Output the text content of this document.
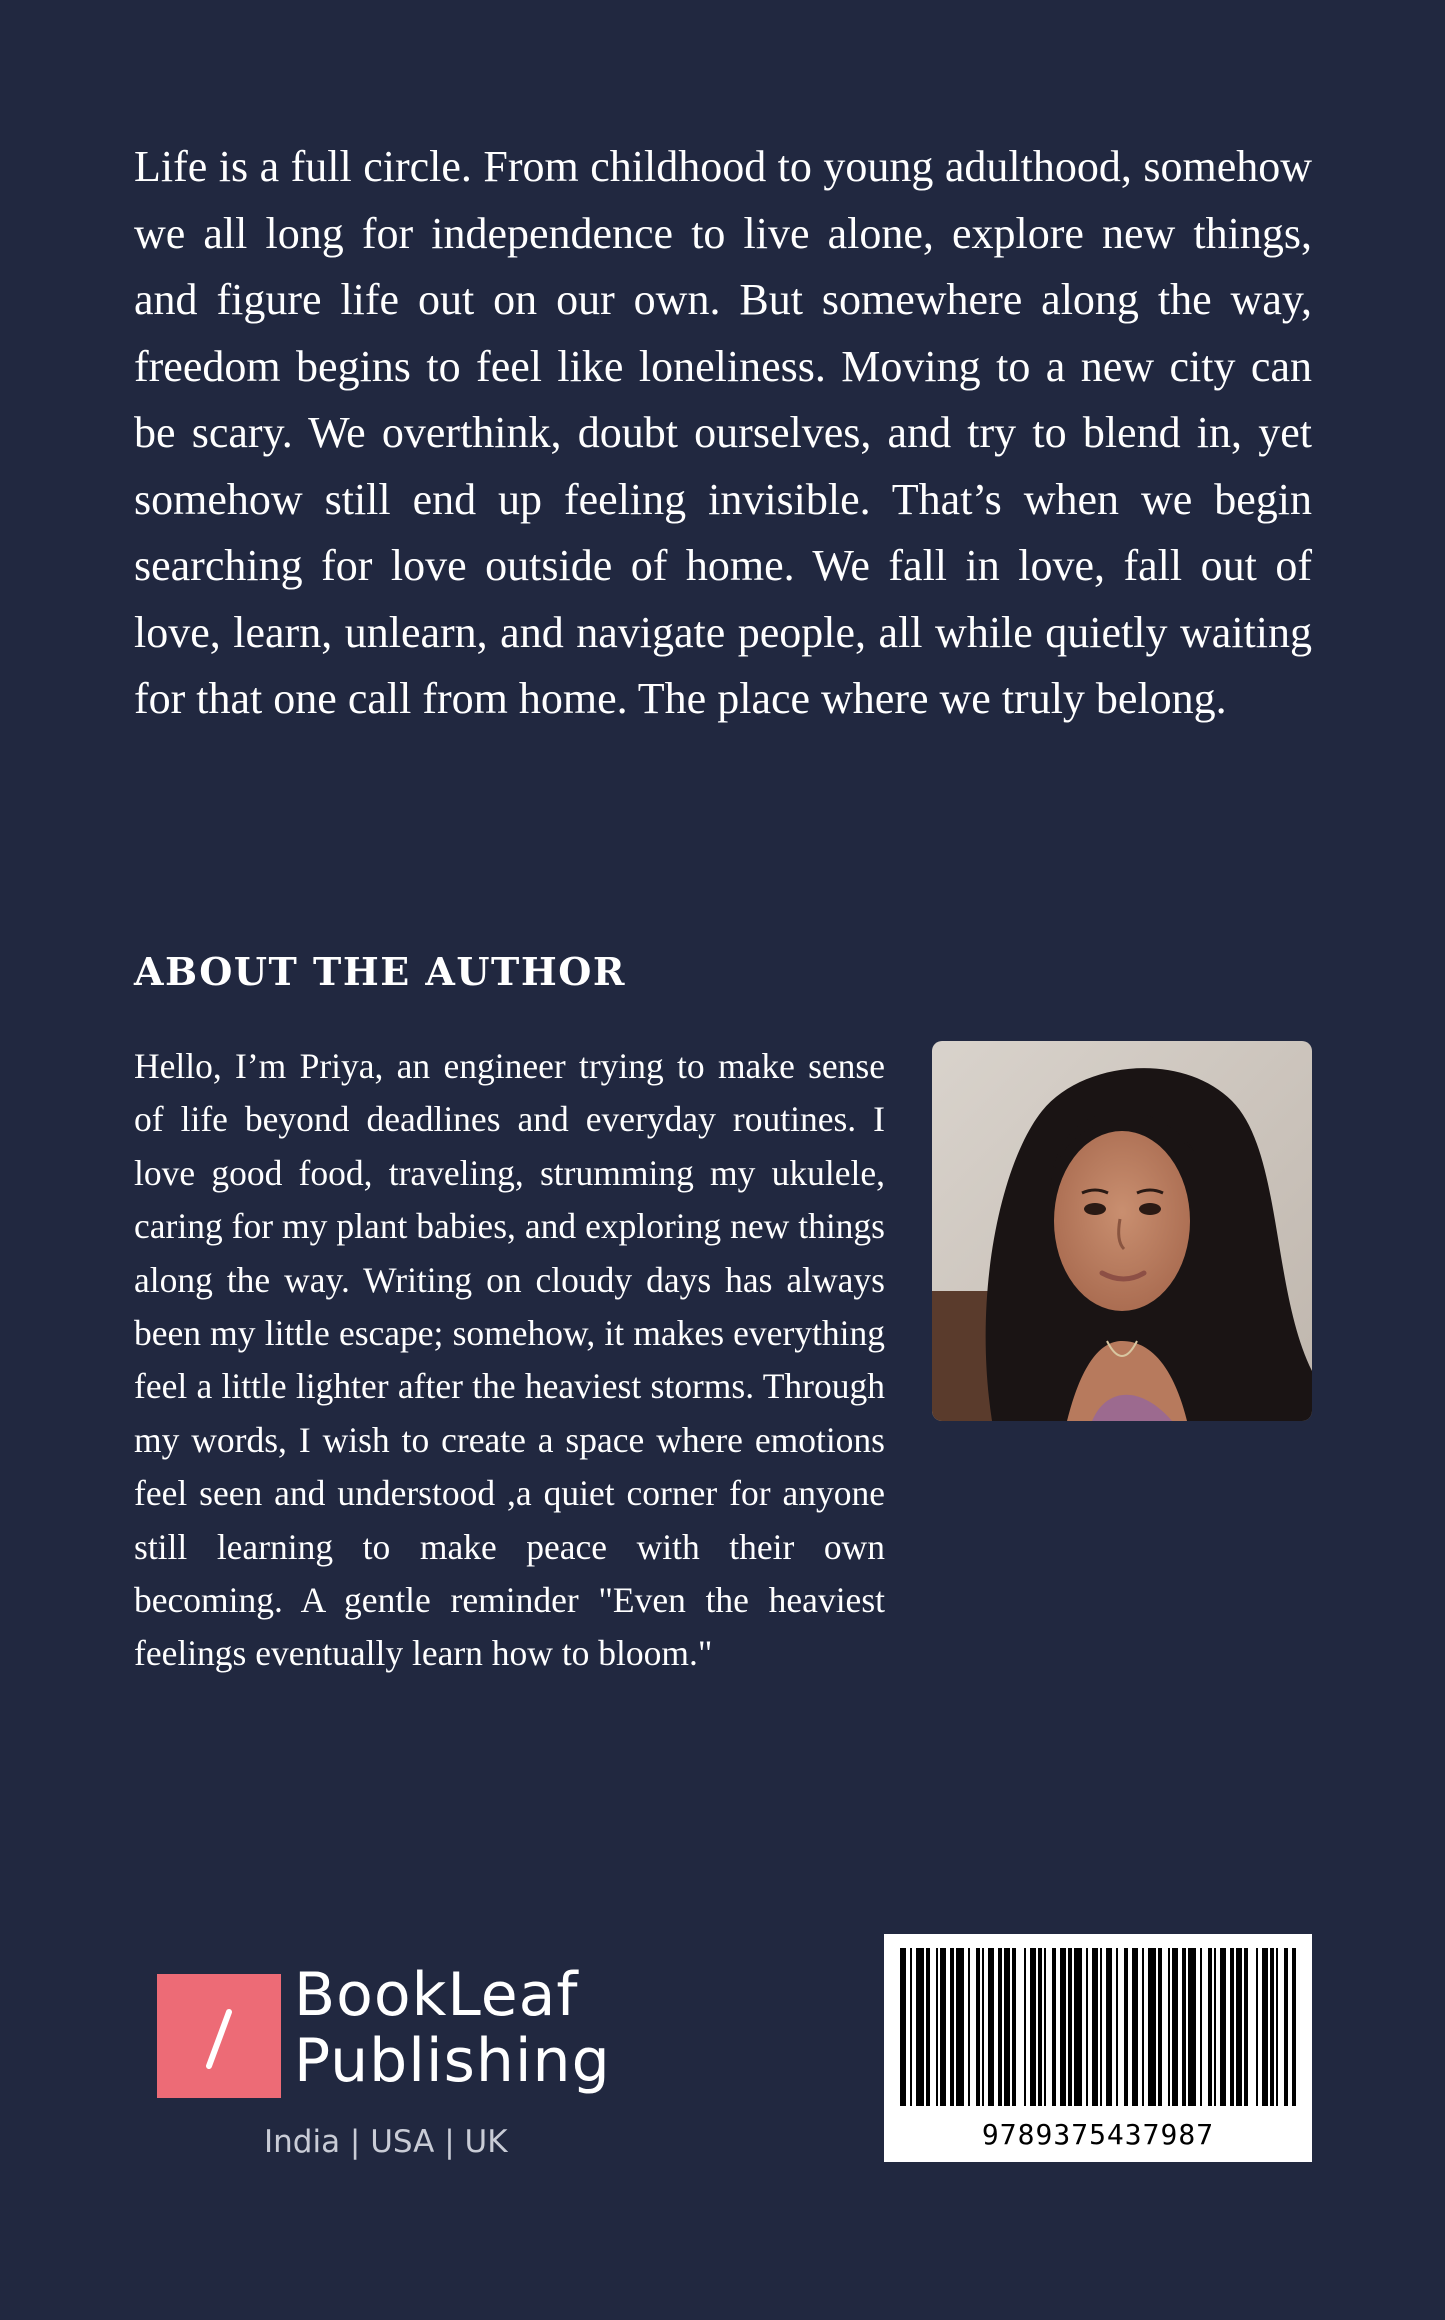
Life is a full circle. From childhood to young adulthood, somehow we all long for independence to live alone, explore new things, and figure life out on our own. But somewhere along the way, freedom begins to feel like loneliness. Moving to a new city can be scary. We overthink, doubt ourselves, and try to blend in, yet somehow still end up feeling invisible. That’s when we begin searching for love outside of home. We fall in love, fall out of love, learn, unlearn, and navigate people, all while quietly waiting for that one call from home. The place where we truly belong.

ABOUT THE AUTHOR

Hello, I’m Priya, an engineer trying to make sense of life beyond deadlines and everyday routines. I love good food, traveling, strumming my ukulele, caring for my plant babies, and exploring new things along the way. Writing on cloudy days has always been my little escape; somehow, it makes everything feel a little lighter after the heaviest storms. Through my words, I wish to create a space where emotions feel seen and understood ,a quiet corner for anyone still learning to make peace with their own becoming. A gentle reminder "Even the heaviest feelings eventually learn how to bloom."

BookLeaf
Publishing
India | USA | UK	9789375437987
